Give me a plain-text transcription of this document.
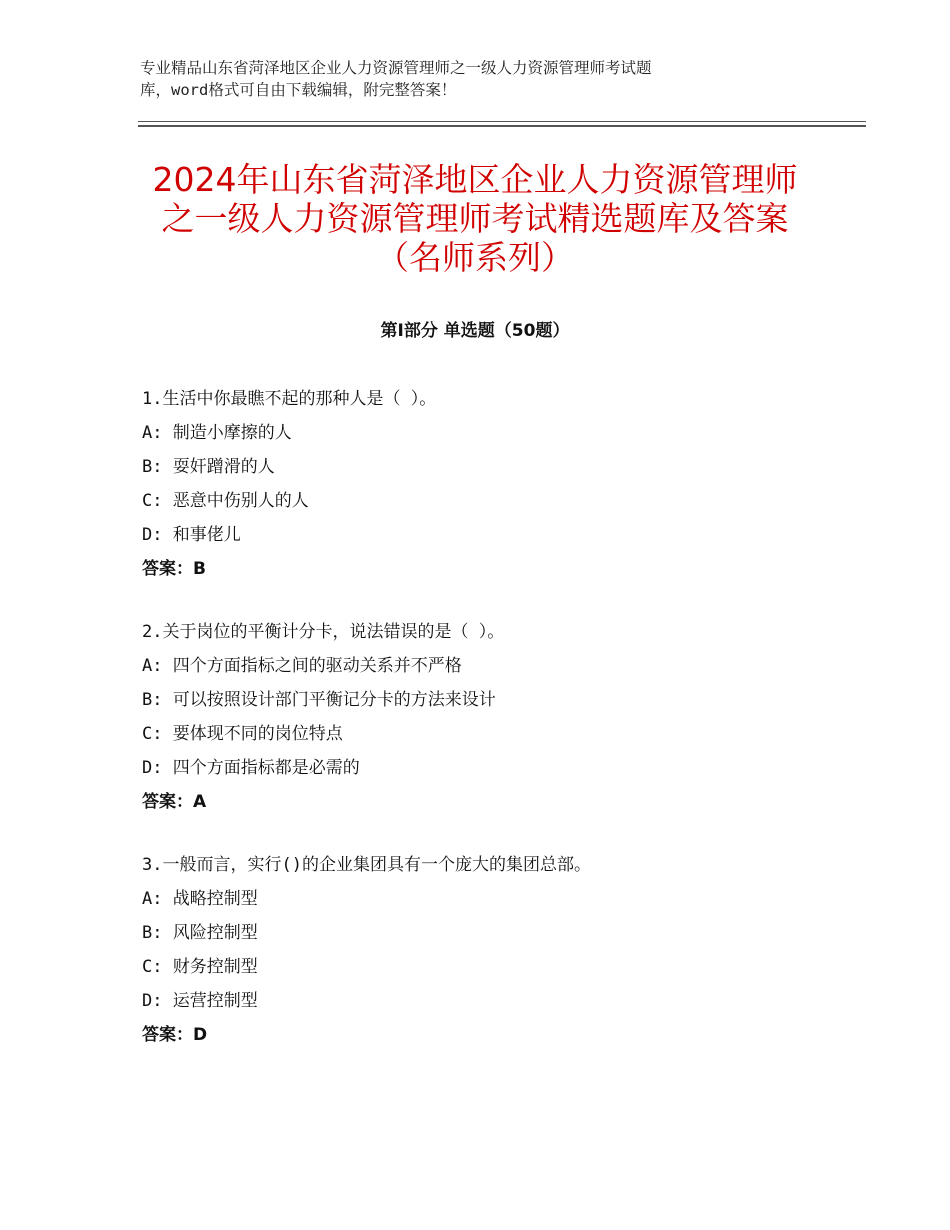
专业精品山东省菏泽地区企业人力资源管理师之一级人力资源管理师考试题
库，word格式可自由下载编辑，附完整答案！
2024年山东省菏泽地区企业人力资源管理师
之一级人力资源管理师考试精选题库及答案
（名师系列）
第Ⅰ部分 单选题（50题）
1.生活中你最瞧不起的那种人是（ ）。
A: 制造小摩擦的人
B: 耍奸蹭滑的人
C: 恶意中伤别人的人
D: 和事佬儿
答案：B
2.关于岗位的平衡计分卡，说法错误的是（ ）。
A: 四个方面指标之间的驱动关系并不严格
B: 可以按照设计部门平衡记分卡的方法来设计
C: 要体现不同的岗位特点
D: 四个方面指标都是必需的
答案：A
3.一般而言，实行()的企业集团具有一个庞大的集团总部。
A: 战略控制型
B: 风险控制型
C: 财务控制型
D: 运营控制型
答案：D
